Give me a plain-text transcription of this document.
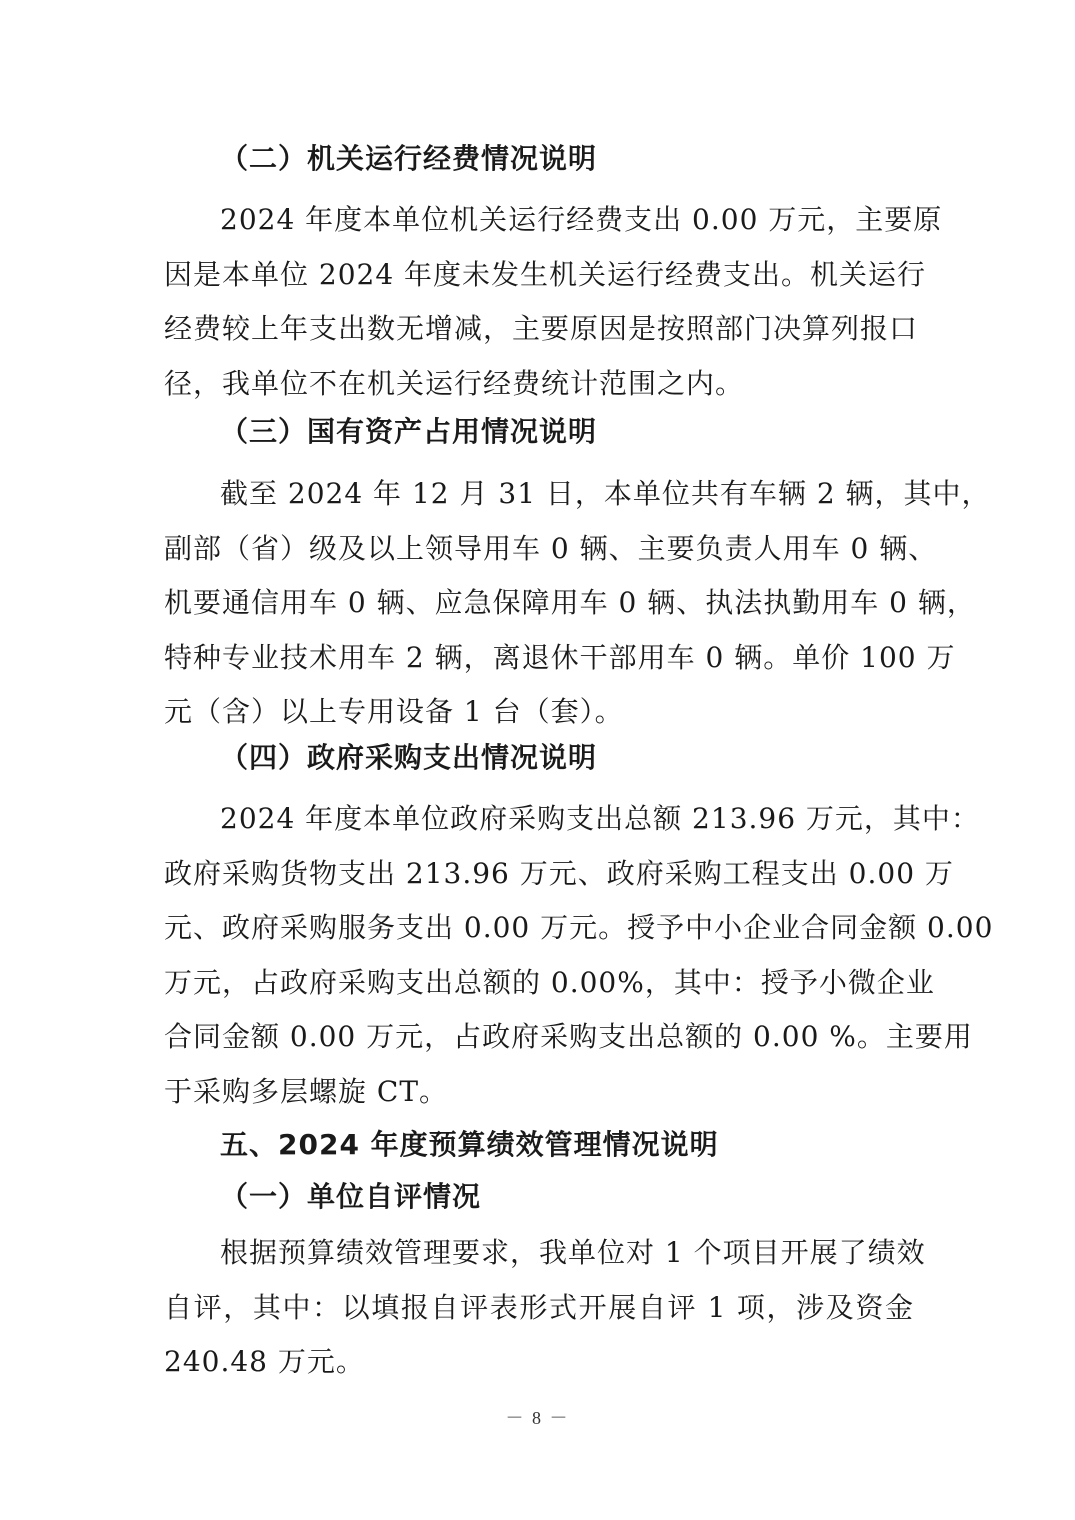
（二）机关运行经费情况说明
2024 年度本单位机关运行经费支出 0.00 万元，主要原
因是本单位 2024 年度未发生机关运行经费支出。机关运行
经费较上年支出数无增减，主要原因是按照部门决算列报口
径，我单位不在机关运行经费统计范围之内。
（三）国有资产占用情况说明
截至 2024 年 12 月 31 日，本单位共有车辆 2 辆，其中，
副部（省）级及以上领导用车 0 辆、主要负责人用车 0 辆、
机要通信用车 0 辆、应急保障用车 0 辆、执法执勤用车 0 辆，
特种专业技术用车 2 辆，离退休干部用车 0 辆。单价 100 万
元（含）以上专用设备 1 台（套）。
（四）政府采购支出情况说明
2024 年度本单位政府采购支出总额 213.96 万元，其中：
政府采购货物支出 213.96 万元、政府采购工程支出 0.00 万
元、政府采购服务支出 0.00 万元。授予中小企业合同金额 0.00
万元，占政府采购支出总额的 0.00%，其中：授予小微企业
合同金额 0.00 万元，占政府采购支出总额的 0.00 %。主要用
于采购多层螺旋 CT。
五、2024 年度预算绩效管理情况说明
（一）单位自评情况
根据预算绩效管理要求，我单位对 1 个项目开展了绩效
自评，其中：以填报自评表形式开展自评 1 项，涉及资金
240.48 万元。
－ 8 －
